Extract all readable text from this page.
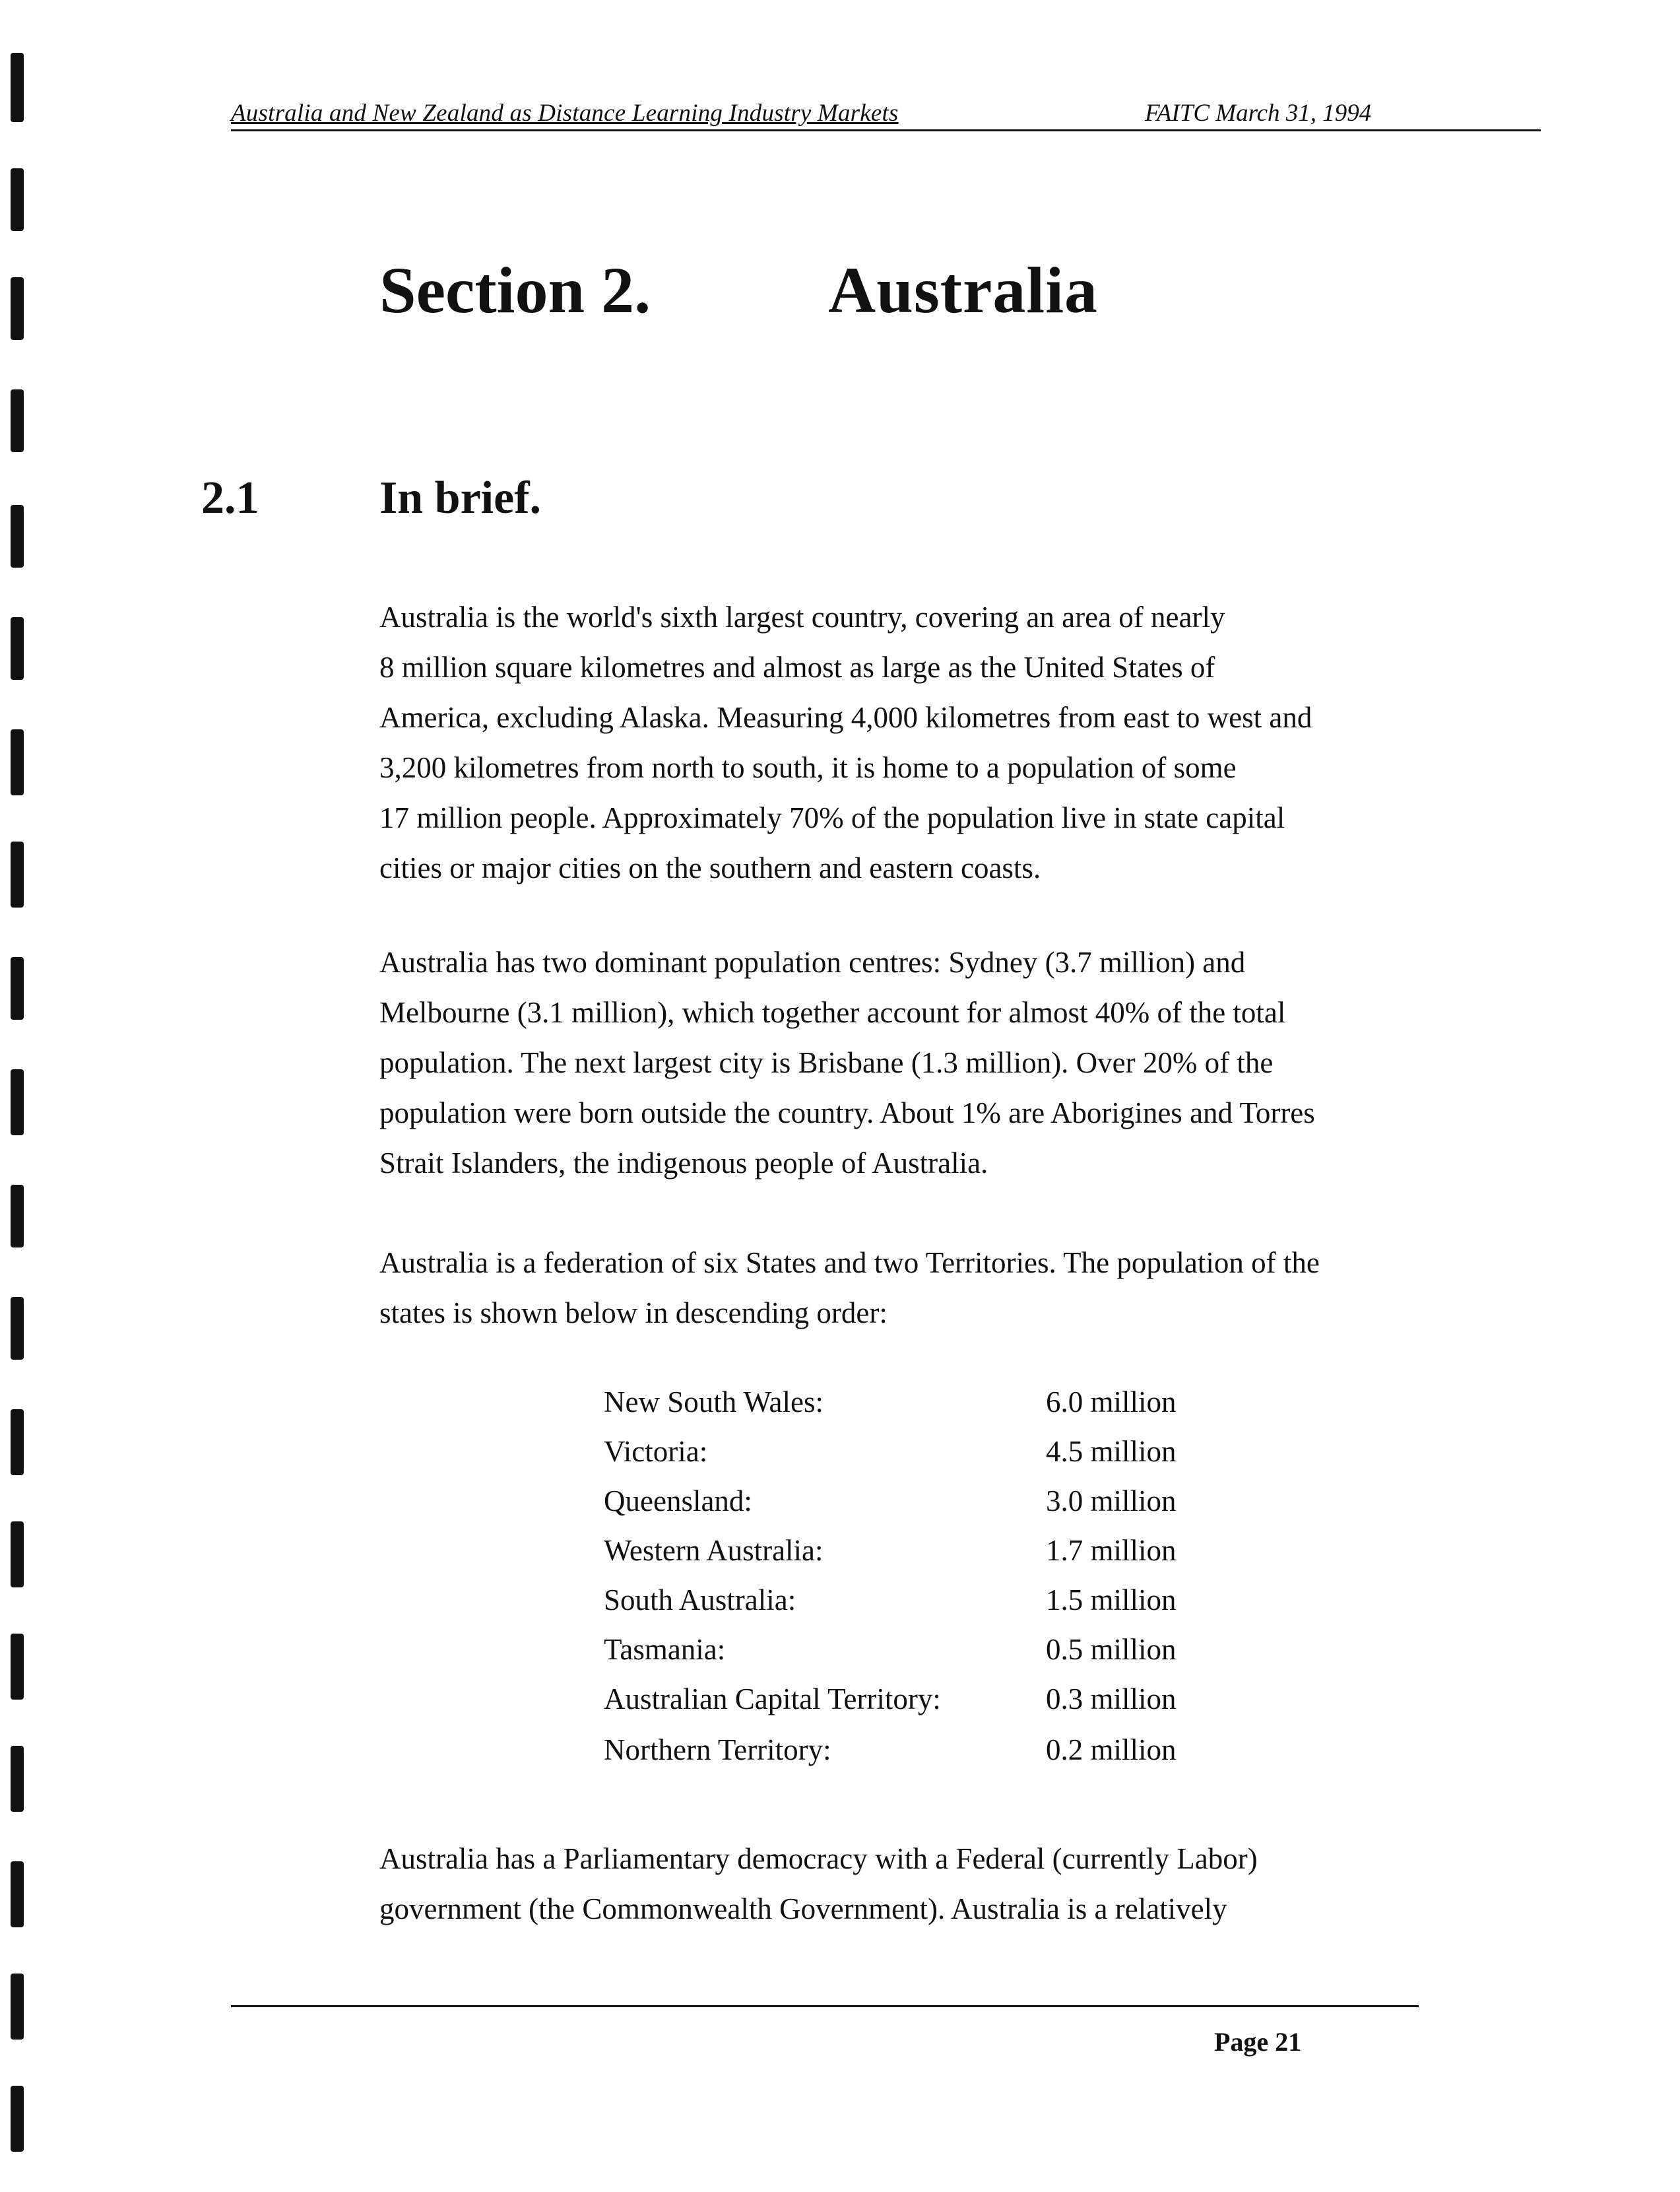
Australia and New Zealand as Distance Learning Industry Markets	FAITC March 31, 1994
Section 2.	Australia
2.1	In brief.

Australia is the world's sixth largest country, covering an area of nearly
8 million square kilometres and almost as large as the United States of
America, excluding Alaska. Measuring 4,000 kilometres from east to west and
3,200 kilometres from north to south, it is home to a population of some
17 million people. Approximately 70% of the population live in state capital
cities or major cities on the southern and eastern coasts.

Australia has two dominant population centres: Sydney (3.7 million) and
Melbourne (3.1 million), which together account for almost 40% of the total
population. The next largest city is Brisbane (1.3 million). Over 20% of the
population were born outside the country. About 1% are Aborigines and Torres
Strait Islanders, the indigenous people of Australia.

Australia is a federation of six States and two Territories. The population of the
states is shown below in descending order:

New South Wales:	6.0 million
Victoria:	4.5 million
Queensland:	3.0 million
Western Australia:	1.7 million
South Australia:	1.5 million
Tasmania:	0.5 million
Australian Capital Territory:	0.3 million
Northern Territory:	0.2 million

Australia has a Parliamentary democracy with a Federal (currently Labor)
government (the Commonwealth Government). Australia is a relatively

Page 21
